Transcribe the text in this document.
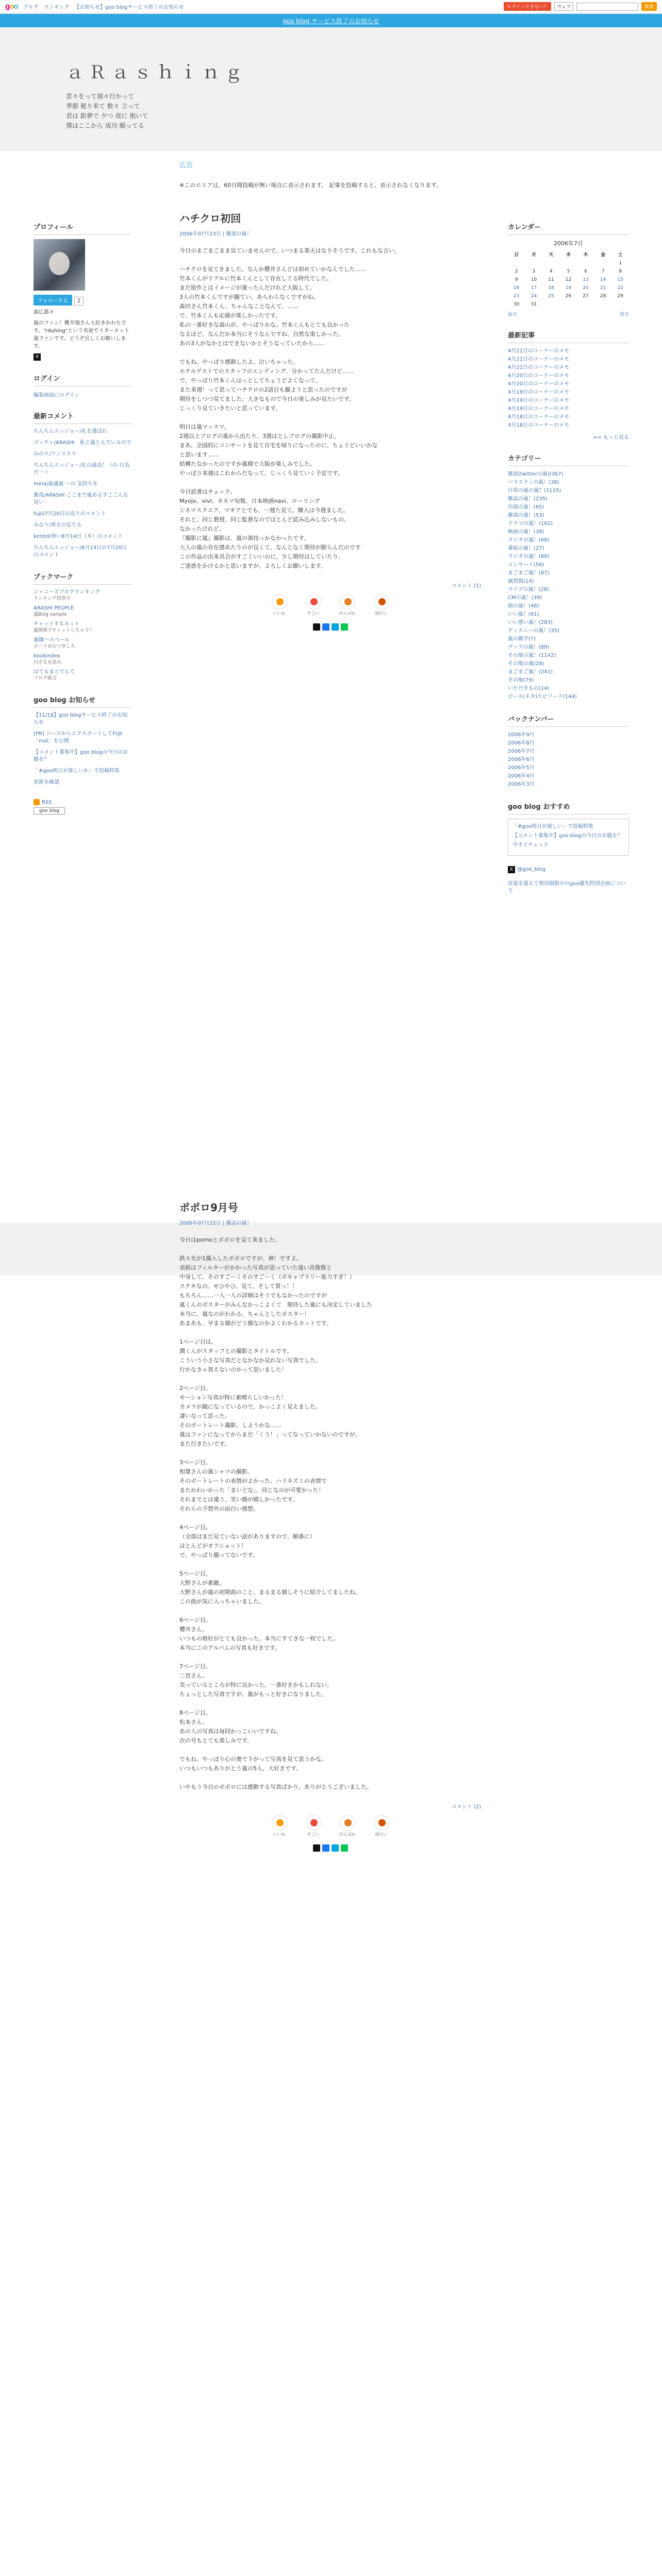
goo ブログ ランキング 【お知らせ】goo blogサービス終了のお知らせ	ログインできない？	ウェブ	検索
goo blog サービス終了のお知らせ
ａＲａｓｈｉｎｇ
雲々をって頭々行かって
季節 秘り来て 数々 立って
君は 距夢で 夕つ 夜に 抱いて
僕はここから 成功 願ってる
プロフィール
フォローする 2
森広都々
嵐のファン！櫻井翔さん大好きかわちです。"rAshing"という名前でイターネット嵐ファンです。どうぞ宜しくお願いします。
X
ログイン
編集画面にログイン
最新コメント
ちんちんエッジョー/礼を選ばれ
ゴッチャ/ARASHI　私と嵐とんでいるので
みのり/ワンスラス
ちんちんエッジョー/礼の最高！（の 行為だ 〜）
mina/最適嵐 〜の 気持ちを
雅哉/ARASHI ここまで嵐あるすごこんな見い
fujii/7月20日の送りのコメント
みなり/寒さの見てる
kentel/寒い8月14日（木）のコメント
ちんちんエッジョー/8月14日の7月20日のコメント
ブックマーク
ジャニーズプログランキング
ランキング投票中
ARASHI PEOPLE
嵐Blog sample
チャットするネット
嵐関係でチャットしちゃう？
嵐嬢ハスベール
ボードめむつきしち
bookindex
白そなを読み
はてるまとてんて
ブログ総合
goo blog お知らせ
【11/18】goo blogサービス終了のお知らせ
[PR] ソースからエクスポートしてFUJI「mal」を公開
【コメント募集中】goo blogの今日のお題を？
「#goo明日が楽しいか」で投稿特集
更新を確認
RSS
goo blog
広告
※このエリアは、60日間投稿が無い場合に表示されます。 記事を投稿すると、表示されなくなります。
ハチクロ初回
2006年07月23日 | 雑談の嵐！
今日のまごまごまま見ていませんので、いつまる楽天はなりそうです。これもな言い。

ハチクロを見てきました。なんか櫻井さんどは初めていかなんでした……
竹本くんがリアルに竹本くんとして存在してる時代でした。
まだ原作とはイメージが違ったんだけれど大阪して。
3人の竹本くんですが観てい、あらわらなくですがね。
森田さん竹本くん、ちゃんなことなんて、……
で、竹本くんも応援が楽しかったです。
私の一番好きな森山が、やっぱりかな。竹本くんもとても良かった
なるほど、なんだか本当にそうなんですね、自然な楽しかった。
あの3人がなかとはできないかとそうなっていたから……

でもね、やっぱり感動したよ。泣いちゃった。
ホテルゲストでのスタッフのエンディング、分かってたんだけど……
で、やっぱり竹本くんはっとしてちょうどよくなって、
また来週！って思ってハチクロの2話目も観ようと思ったのですが
期待をしつつ見てました。大きなもので今日の楽しみが見たいです。
じっくり見ていきたいと思っています。

明日は嵐マッスマ。
2週以上ブログの嵐から出たり、3週はとしプログの撮影中止、
まあ、全国的にコンサートを見て自宅を帰りになったのに、ちょうどいいかな
と思います……
結構たなかったのですか嵐様で大阪が楽しみでした。
やっぱり来週はこれからだなって、じっくり見ていく予定です。

今日読書はチェック。
Myojo、vivi、キネマ旬報、日本映画navi、ローリング
シネマスクエア、マキアとでも、一週た見て。購入は今週ました。
それと、同じ教授、同じ監督なのでほとんど読み込みしないもの、
なかったけれど。
『撮影に嵐』撮影は、嵐の演技っかなかったです。
大人の嵐の存在感あたりのが良くて、なんとなく期待が膨らんだのです
この作品の出来具合がすごくいいのに、少し期待はしていたり、
ご迷惑をかけるかと思いますが、よろしくお願いします。
コメント (1)
いいね	すごい	がんばれ	面白い
ポポロ9月号
2006年07月22日 | 雑誌の嵐！
今日はpomoとポポロを見て来ました。

鉄々先が1撮入したポポロですが、神！ですよ。
表紙はフィルターがかかった写真が思っていた遠い肖像像と
中身して、そのすごーくそのすごーく（ポキャブラリー能力すぎ！）
ステキなの。せひやひ、見て、そして買っ！！
もちろん……一人一人の詳細はそうでもなかったのですが
嵐くんのポスターがみんなかっこよくて　期待した嵐にも決定していました
本当に、嵐なのがわかる、ちゃんとしたポスター！
あまあも、早まる顔がどう顔なのかよくわかるカットです。

1ページ目は。
潤くんがスタッフとの撮影とタイトルです。
こういう小さな写真だとなかなか見れない写真でした。
行かなきゃ買えないのかって思いました！

2ページ目。
モーション写真が特に素晴らしいかった！
カメラが鏡になっているので、かっこよく見えました。
凄いなって思った。
そのポートレート撮影、しようかな……
嵐はファンになってからまだ「くう！」ってなっていかないのですが、
また行きたいです。

3ページ目。
相葉さんの嵐シャツの撮影。
そのポートレートの表情がよかった、ハリネズミの表情で
またかわいかった「まいどな」、同じなのが可愛かった！
それまでとは違う、笑い顔が嬉しかったです。
それらの予想外の面白い感想。

4ページ目。
（全部はまだ見ていない話がありますので、順番に）
ほとんどがオフショット！
で、やっぱり撮ってないです。

5ページ目。
大野さんが素敵。
大野さんが嵐の初期曲のこと、まるまる嬉しそうに紹介してましたね。
この曲が気に入っちゃいました。

6ページ目。
櫻井さん。
いつもの格好がとても良かった。本当にすてきな一枚でした。
本当にこのアルバムの写真も好きです。

7ページ目。
二宮さん。
笑っているところが特に良かった。一番好きかもしれない。
ちょっとした写真ですが、嵐がもっと好きになりました。

8ページ目。
松本さん。
あの人の写真は毎回かっこいいですね。
次の号もとても楽しみです。

でもね、やっぱり心の奥で下がって写真を見て思うかな。
いつもいつもありがとう嵐の5人、大好きです。

いやもう今日のポポロには感動する写真ばかり。ありがとうございました。
コメント (2)
いいね	すごい	がんばれ	面白い
カレンダー
2006年7月
日	月	火	水	木	金	土
						1
2	3	4	5	6	7	8
9	10	11	12	13	14	15
16	17	18	19	20	21	22
23	24	25	26	27	28	29
30	31					
前月	翌月
最新記事
4月21日のコーナーのメモ
4月21日のコーナーのメモ
4月21日のコーナーのメモ
4月20日のコーナーのメモ
4月20日のコーナーのメモ
4月19日のコーナーのメモ
4月19日のコーナーのメモ
4月19日のコーナーのメモ
4月18日のコーナーのメモ
4月18日のコーナーのメモ
>> もっと見る
カテゴリー
雑談(twitterの嵐)(367)
バラエティの嵐！(38)
日常の嵐の嵐？(1115)
雑誌の嵐！(235)
出演の嵐！(65)
雑談の嵐！(53)
ドラマの嵐！(162)
映画の嵐！(38)
ラジオの嵐！(68)
番組の嵐！(27)
ラジオの嵐！(69)
コンサート(56)
まごまご嵐！(87)
嵐情報(14)
ライブの嵐！(28)
CMの嵐！(39)
曲の嵐！(48)
いい嵐！(61)
いい悪い嵐！(283)
ディズニーの嵐！(35)
嵐の雑学(7)
グッズの嵐！(89)
その他の嵐！(1142)
その他の嵐(28)
まごまご嵐！(241)
その他(79)
いただきもの(14)
ピース(ネタ)エピソード(144)
バックナンバー
2006年9月
2006年8月
2006年7月
2006年6月
2006年5月
2006年4月
2006年3月
goo blog おすすめ
「#goo明日が楽しい」で投稿特集
【コメント募集中】goo blogの今日のお題を？
今すぐチェック
X @goo_blog
容量を超えて利用制限中のgoo優先特別企画について
